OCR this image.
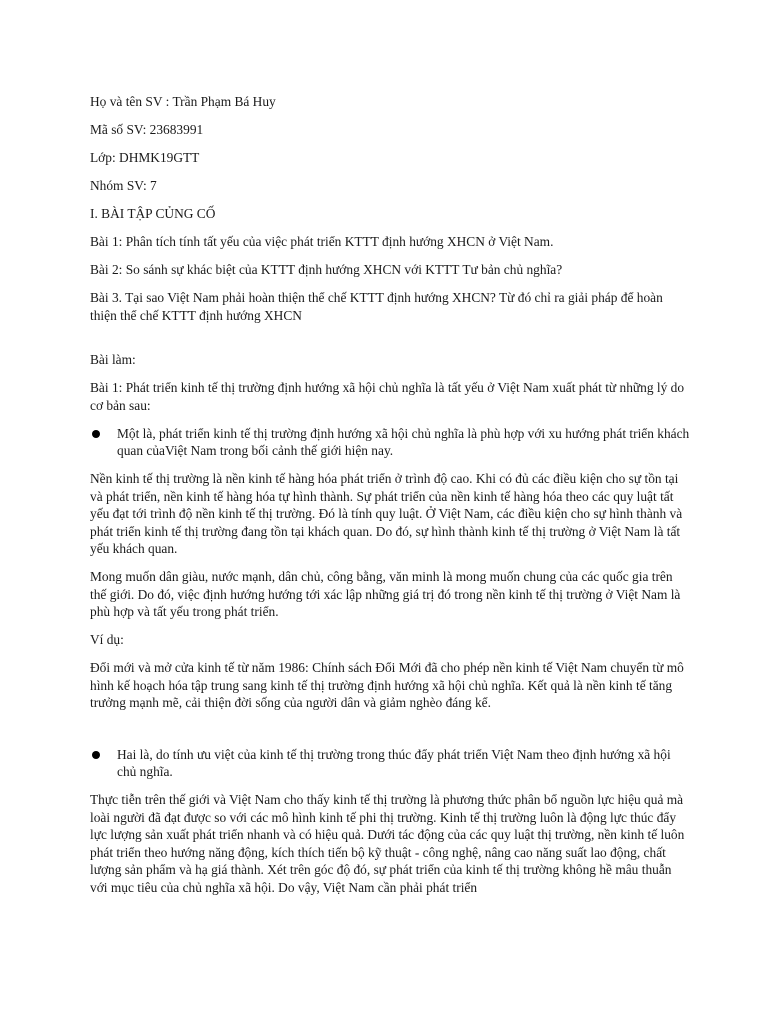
Họ và tên SV : Trần Phạm Bá Huy

Mã số SV: 23683991

Lớp: DHMK19GTT

Nhóm SV: 7

I. BÀI TẬP CỦNG CỐ

Bài 1: Phân tích tính tất yếu của việc phát triển KTTT định hướng XHCN ở Việt Nam.

Bài 2: So sánh sự khác biệt của KTTT định hướng XHCN với KTTT Tư bản chủ nghĩa?

Bài 3. Tại sao Việt Nam phải hoàn thiện thể chế KTTT định hướng XHCN? Từ đó chỉ ra giải pháp để hoàn thiện thể chế KTTT định hướng XHCN

Bài làm:

Bài 1: Phát triển kinh tế thị trường định hướng xã hội chủ nghĩa là tất yếu ở Việt Nam xuất phát từ những lý do cơ bản sau:

Một là, phát triển kinh tế thị trường định hướng xã hội chủ nghĩa là phù hợp với xu hướng phát triển khách quan củaViệt Nam trong bối cảnh thế giới hiện nay.

Nền kinh tế thị trường là nền kinh tế hàng hóa phát triển ở trình độ cao. Khi có đủ các điều kiện cho sự tồn tại và phát triển, nền kinh tế hàng hóa tự hình thành. Sự phát triển của nền kinh tế hàng hóa theo các quy luật tất yếu đạt tới trình độ nền kinh tế thị trường. Đó là tính quy luật. Ở Việt Nam, các điều kiện cho sự hình thành và phát triển kinh tế thị trường đang tồn tại khách quan. Do đó, sự hình thành kinh tế thị trường ở Việt Nam là tất yếu khách quan.

Mong muốn dân giàu, nước mạnh, dân chủ, công bằng, văn minh là mong muốn chung của các quốc gia trên thế giới. Do đó, việc định hướng hướng tới xác lập những giá trị đó trong nền kinh tế thị trường ở Việt Nam là phù hợp và tất yếu trong phát triển.

Ví dụ:

Đổi mới và mở cửa kinh tế từ năm 1986: Chính sách Đổi Mới đã cho phép nền kinh tế Việt Nam chuyển từ mô hình kế hoạch hóa tập trung sang kinh tế thị trường định hướng xã hội chủ nghĩa. Kết quả là nền kinh tế tăng trưởng mạnh mẽ, cải thiện đời sống của người dân và giảm nghèo đáng kể.

Hai là, do tính ưu việt của kinh tế thị trường trong thúc đẩy phát triển Việt Nam theo định hướng xã hội chủ nghĩa.

Thực tiễn trên thế giới và Việt Nam cho thấy kinh tế thị trường là phương thức phân bổ nguồn lực hiệu quả mà loài người đã đạt được so với các mô hình kinh tế phi thị trường. Kinh tế thị trường luôn là động lực thúc đẩy lực lượng sản xuất phát triển nhanh và có hiệu quả. Dưới tác động của các quy luật thị trường, nền kinh tế luôn phát triển theo hướng năng động, kích thích tiến bộ kỹ thuật - công nghệ, nâng cao năng suất lao động, chất lượng sản phẩm và hạ giá thành. Xét trên góc độ đó, sự phát triển của kinh tế thị trường không hề mâu thuẫn với mục tiêu của chủ nghĩa xã hội. Do vậy, Việt Nam cần phải phát triển
